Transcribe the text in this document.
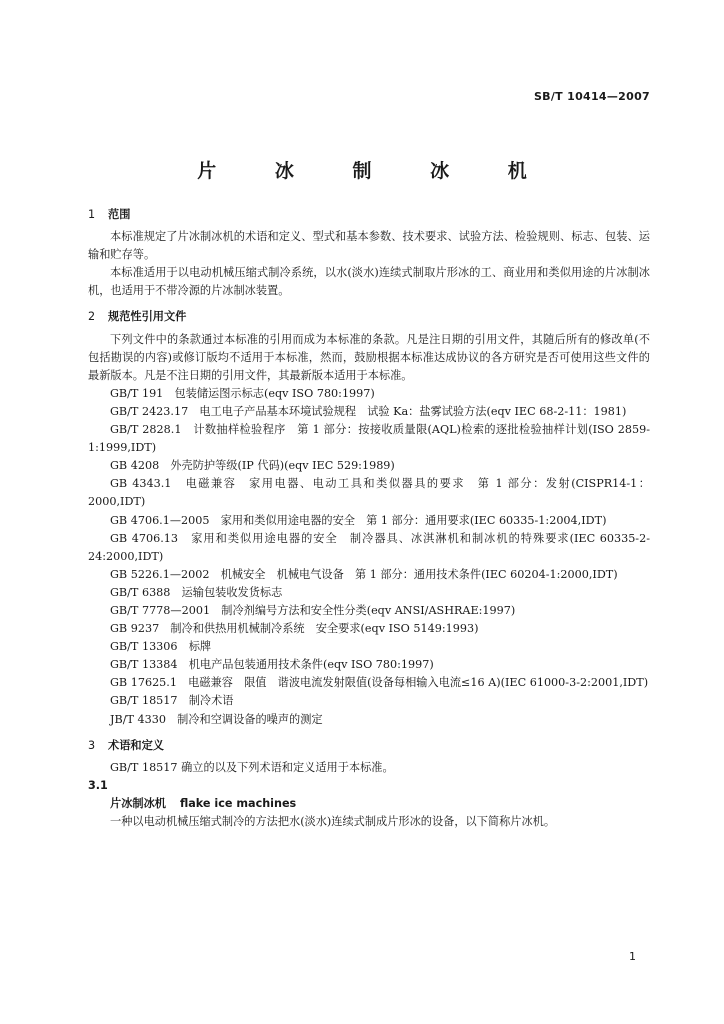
SB/T 10414—2007
片 冰 制 冰 机

1 范围

本标准规定了片冰制冰机的术语和定义、型式和基本参数、技术要求、试验方法、检验规则、标志、包装、运输和贮存等。

本标准适用于以电动机械压缩式制冷系统，以水(淡水)连续式制取片形冰的工、商业用和类似用途的片冰制冰机，也适用于不带冷源的片冰制冰装置。

2 规范性引用文件

下列文件中的条款通过本标准的引用而成为本标准的条款。凡是注日期的引用文件，其随后所有的修改单(不包括勘误的内容)或修订版均不适用于本标准，然而，鼓励根据本标准达成协议的各方研究是否可使用这些文件的最新版本。凡是不注日期的引用文件，其最新版本适用于本标准。

GB/T 191　包装储运图示标志(eqv ISO 780:1997)

GB/T 2423.17　电工电子产品基本环境试验规程　试验 Ka：盐雾试验方法(eqv IEC 68-2-11：1981)

GB/T 2828.1　计数抽样检验程序　第 1 部分：按接收质量限(AQL)检索的逐批检验抽样计划(ISO 2859-1:1999,IDT)

GB 4208　外壳防护等级(IP 代码)(eqv IEC 529:1989)

GB 4343.1　电磁兼容　家用电器、电动工具和类似器具的要求　第 1 部分：发射(CISPR14-1：2000,IDT)

GB 4706.1—2005　家用和类似用途电器的安全　第 1 部分：通用要求(IEC 60335-1:2004,IDT)

GB 4706.13　家用和类似用途电器的安全　制冷器具、冰淇淋机和制冰机的特殊要求(IEC 60335-2-24:2000,IDT)

GB 5226.1—2002　机械安全　机械电气设备　第 1 部分：通用技术条件(IEC 60204-1:2000,IDT)

GB/T 6388　运输包装收发货标志

GB/T 7778—2001　制冷剂编号方法和安全性分类(eqv ANSI/ASHRAE:1997)

GB 9237　制冷和供热用机械制冷系统　安全要求(eqv ISO 5149:1993)

GB/T 13306　标牌

GB/T 13384　机电产品包装通用技术条件(eqv ISO 780:1997)

GB 17625.1　电磁兼容　限值　谐波电流发射限值(设备每相输入电流≤16 A)(IEC 61000-3-2:2001,IDT)

GB/T 18517　制冷术语

JB/T 4330　制冷和空调设备的噪声的测定

3 术语和定义

GB/T 18517 确立的以及下列术语和定义适用于本标准。

3.1

片冰制冰机 flake ice machines

一种以电动机械压缩式制冷的方法把水(淡水)连续式制成片形冰的设备，以下简称片冰机。

1
